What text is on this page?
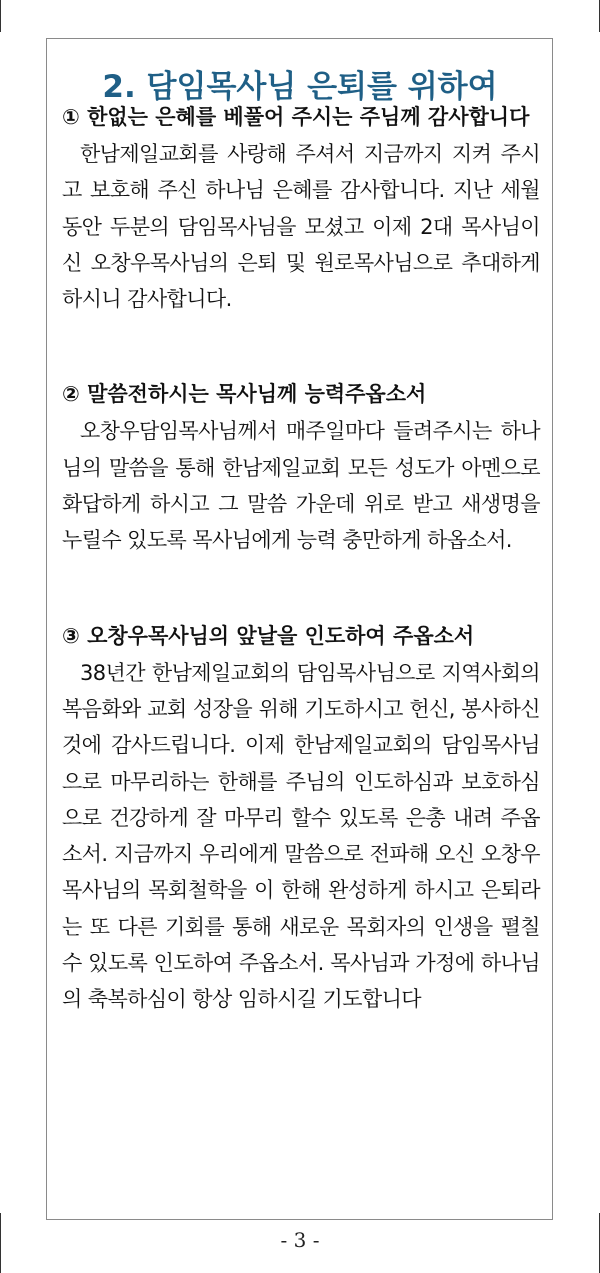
2. 담임목사님 은퇴를 위하여

① 한없는 은혜를 베풀어 주시는 주님께 감사합니다

한남제일교회를 사랑해 주셔서 지금까지 지켜 주시고 보호해 주신 하나님 은혜를 감사합니다. 지난 세월동안 두분의 담임목사님을 모셨고 이제 2대 목사님이신 오창우목사님의 은퇴 및 원로목사님으로 추대하게 하시니 감사합니다.

② 말씀전하시는 목사님께 능력주옵소서

오창우담임목사님께서 매주일마다 들려주시는 하나님의 말씀을 통해 한남제일교회 모든 성도가 아멘으로 화답하게 하시고 그 말씀 가운데 위로 받고 새생명을 누릴수 있도록 목사님에게 능력 충만하게 하옵소서.

③ 오창우목사님의 앞날을 인도하여 주옵소서

38년간 한남제일교회의 담임목사님으로 지역사회의 복음화와 교회 성장을 위해 기도하시고 헌신, 봉사하신 것에 감사드립니다. 이제 한남제일교회의 담임목사님으로 마무리하는 한해를 주님의 인도하심과 보호하심으로 건강하게 잘 마무리 할수 있도록 은총 내려 주옵소서. 지금까지 우리에게 말씀으로 전파해 오신 오창우목사님의 목회철학을 이 한해 완성하게 하시고 은퇴라는 또 다른 기회를 통해 새로운 목회자의 인생을 펼칠수 있도록 인도하여 주옵소서. 목사님과 가정에 하나님의 축복하심이 항상 임하시길 기도합니다

- 3 -
